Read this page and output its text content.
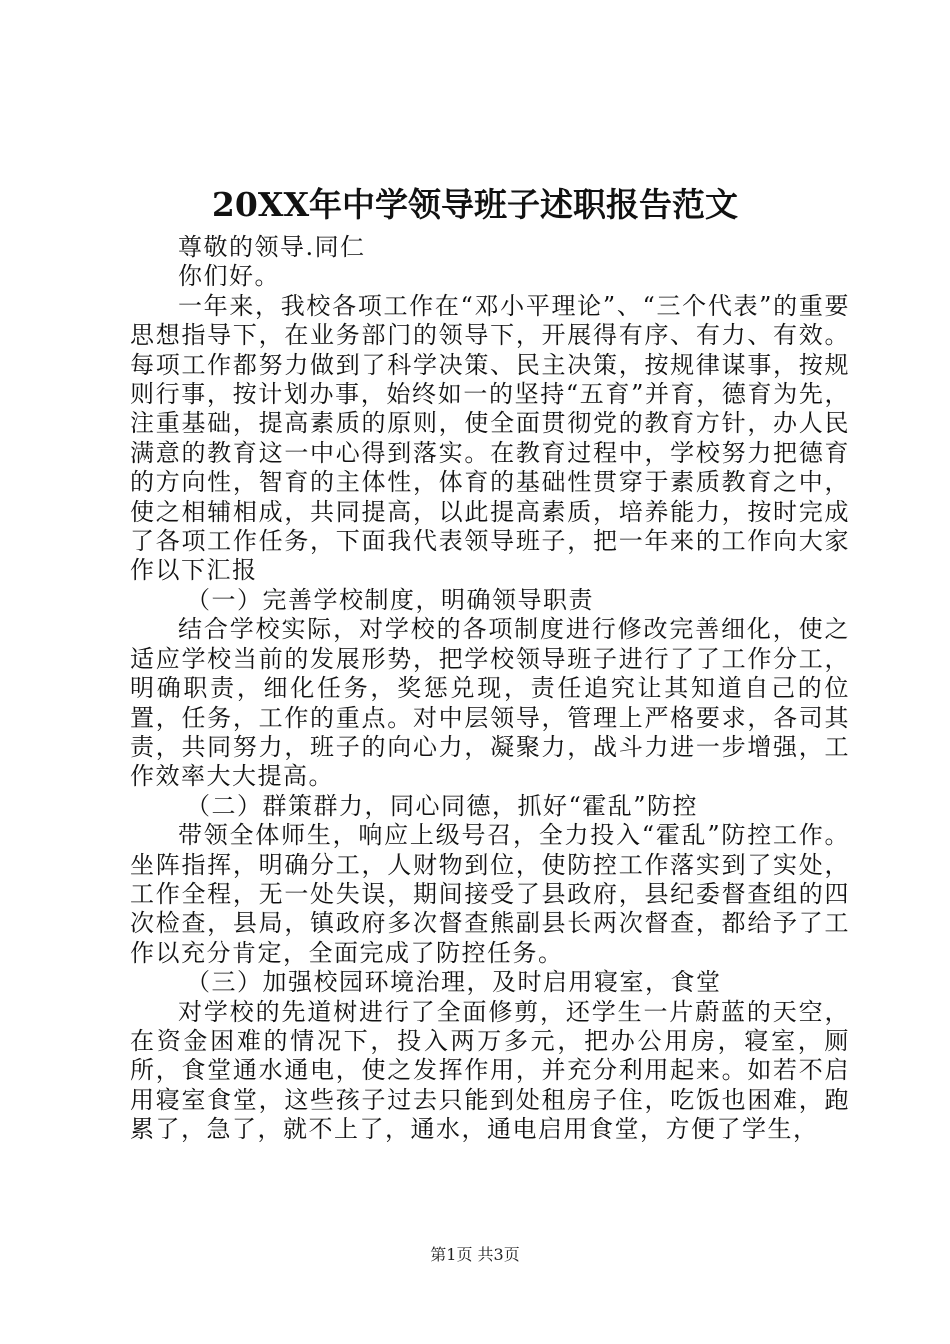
20XX年中学领导班子述职报告范文

尊敬的领导.同仁

你们好。

一年来，我校各项工作在“邓小平理论”、“三个代表”的重要思想指导下，在业务部门的领导下，开展得有序、有力、有效。每项工作都努力做到了科学决策、民主决策，按规律谋事，按规则行事，按计划办事，始终如一的坚持“五育”并育，德育为先，注重基础，提高素质的原则，使全面贯彻党的教育方针，办人民满意的教育这一中心得到落实。在教育过程中，学校努力把德育的方向性，智育的主体性，体育的基础性贯穿于素质教育之中，使之相辅相成，共同提高，以此提高素质，培养能力，按时完成了各项工作任务，下面我代表领导班子，把一年来的工作向大家作以下汇报

（一）完善学校制度，明确领导职责

结合学校实际，对学校的各项制度进行修改完善细化，使之适应学校当前的发展形势，把学校领导班子进行了了工作分工，明确职责，细化任务，奖惩兑现，责任追究让其知道自己的位置，任务，工作的重点。对中层领导，管理上严格要求，各司其责，共同努力，班子的向心力，凝聚力，战斗力进一步增强，工作效率大大提高。

（二）群策群力，同心同德，抓好“霍乱”防控

带领全体师生，响应上级号召，全力投入“霍乱”防控工作。坐阵指挥，明确分工，人财物到位，使防控工作落实到了实处，工作全程，无一处失误，期间接受了县政府，县纪委督查组的四次检查，县局，镇政府多次督查熊副县长两次督查，都给予了工作以充分肯定，全面完成了防控任务。

（三）加强校园环境治理，及时启用寝室，食堂

对学校的先道树进行了全面修剪，还学生一片蔚蓝的天空，在资金困难的情况下，投入两万多元，把办公用房，寝室，厕所，食堂通水通电，使之发挥作用，并充分利用起来。如若不启用寝室食堂，这些孩子过去只能到处租房子住，吃饭也困难，跑累了，急了，就不上了，通水，通电启用食堂，方便了学生，

第1页 共3页
